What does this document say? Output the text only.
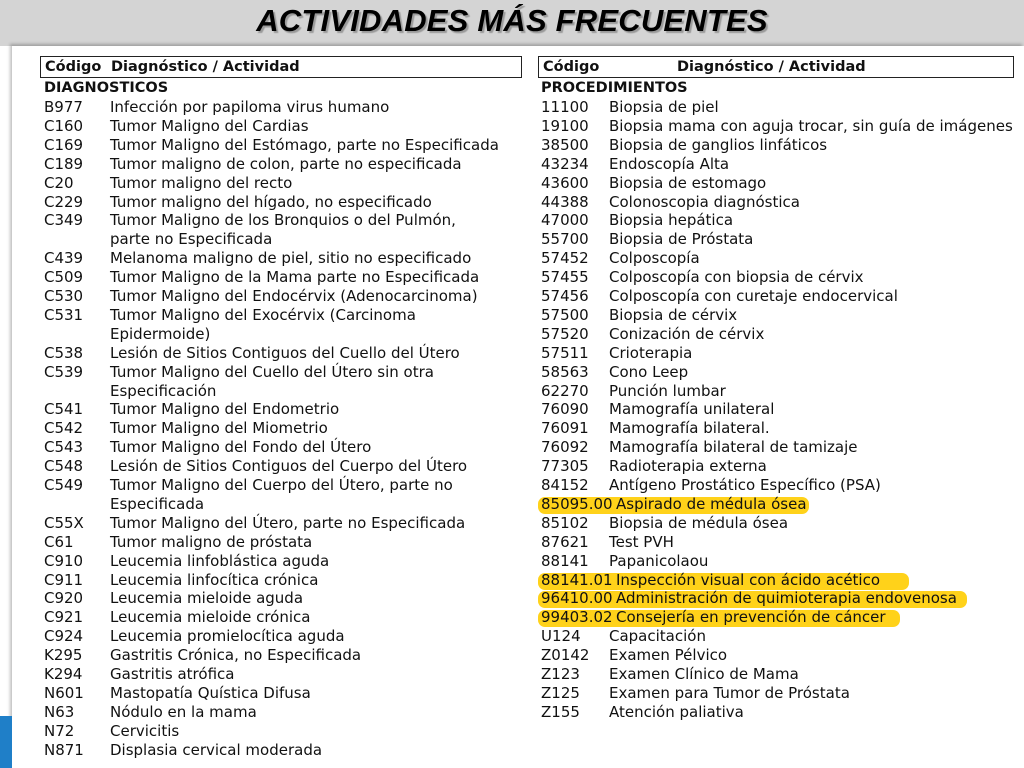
ACTIVIDADES MÁS FRECUENTES
Código Diagnóstico / Actividad
DIAGNOSTICOS
B977 Infección por papiloma virus humano
C160 Tumor Maligno del Cardias
C169 Tumor Maligno del Estómago, parte no Especificada
C189 Tumor maligno de colon, parte no especificada
C20 Tumor maligno del recto
C229 Tumor maligno del hígado, no especificado
C349 Tumor Maligno de los Bronquios o del Pulmón,
parte no Especificada
C439 Melanoma maligno de piel, sitio no especificado
C509 Tumor Maligno de la Mama parte no Especificada
C530 Tumor Maligno del Endocérvix (Adenocarcinoma)
C531 Tumor Maligno del Exocérvix (Carcinoma
Epidermoide)
C538 Lesión de Sitios Contiguos del Cuello del Útero
C539 Tumor Maligno del Cuello del Útero sin otra
Especificación
C541 Tumor Maligno del Endometrio
C542 Tumor Maligno del Miometrio
C543 Tumor Maligno del Fondo del Útero
C548 Lesión de Sitios Contiguos del Cuerpo del Útero
C549 Tumor Maligno del Cuerpo del Útero, parte no
Especificada
C55X Tumor Maligno del Útero, parte no Especificada
C61 Tumor maligno de próstata
C910 Leucemia linfoblástica aguda
C911 Leucemia linfocítica crónica
C920 Leucemia mieloide aguda
C921 Leucemia mieloide crónica
C924 Leucemia promielocítica aguda
K295 Gastritis Crónica, no Especificada
K294 Gastritis atrófica
N601 Mastopatía Quística Difusa
N63 Nódulo en la mama
N72 Cervicitis
N871 Displasia cervical moderada
Código	Diagnóstico / Actividad
PROCEDIMIENTOS
11100 Biopsia de piel
19100 Biopsia mama con aguja trocar, sin guía de imágenes
38500 Biopsia de ganglios linfáticos
43234 Endoscopía Alta
43600 Biopsia de estomago
44388 Colonoscopia diagnóstica
47000 Biopsia hepática
55700 Biopsia de Próstata
57452 Colposcopía
57455 Colposcopía con biopsia de cérvix
57456 Colposcopía con curetaje endocervical
57500 Biopsia de cérvix
57520 Conización de cérvix
57511 Crioterapia
58563 Cono Leep
62270 Punción lumbar
76090 Mamografía unilateral
76091 Mamografía bilateral.
76092 Mamografía bilateral de tamizaje
77305 Radioterapia externa
84152 Antígeno Prostático Específico (PSA)
85095.00 Aspirado de médula ósea
85102 Biopsia de médula ósea
87621 Test PVH
88141 Papanicolaou
88141.01 Inspección visual con ácido acético
96410.00 Administración de quimioterapia endovenosa
99403.02 Consejería en prevención de cáncer
U124 Capacitación
Z0142 Examen Pélvico
Z123 Examen Clínico de Mama
Z125 Examen para Tumor de Próstata
Z155 Atención paliativa
